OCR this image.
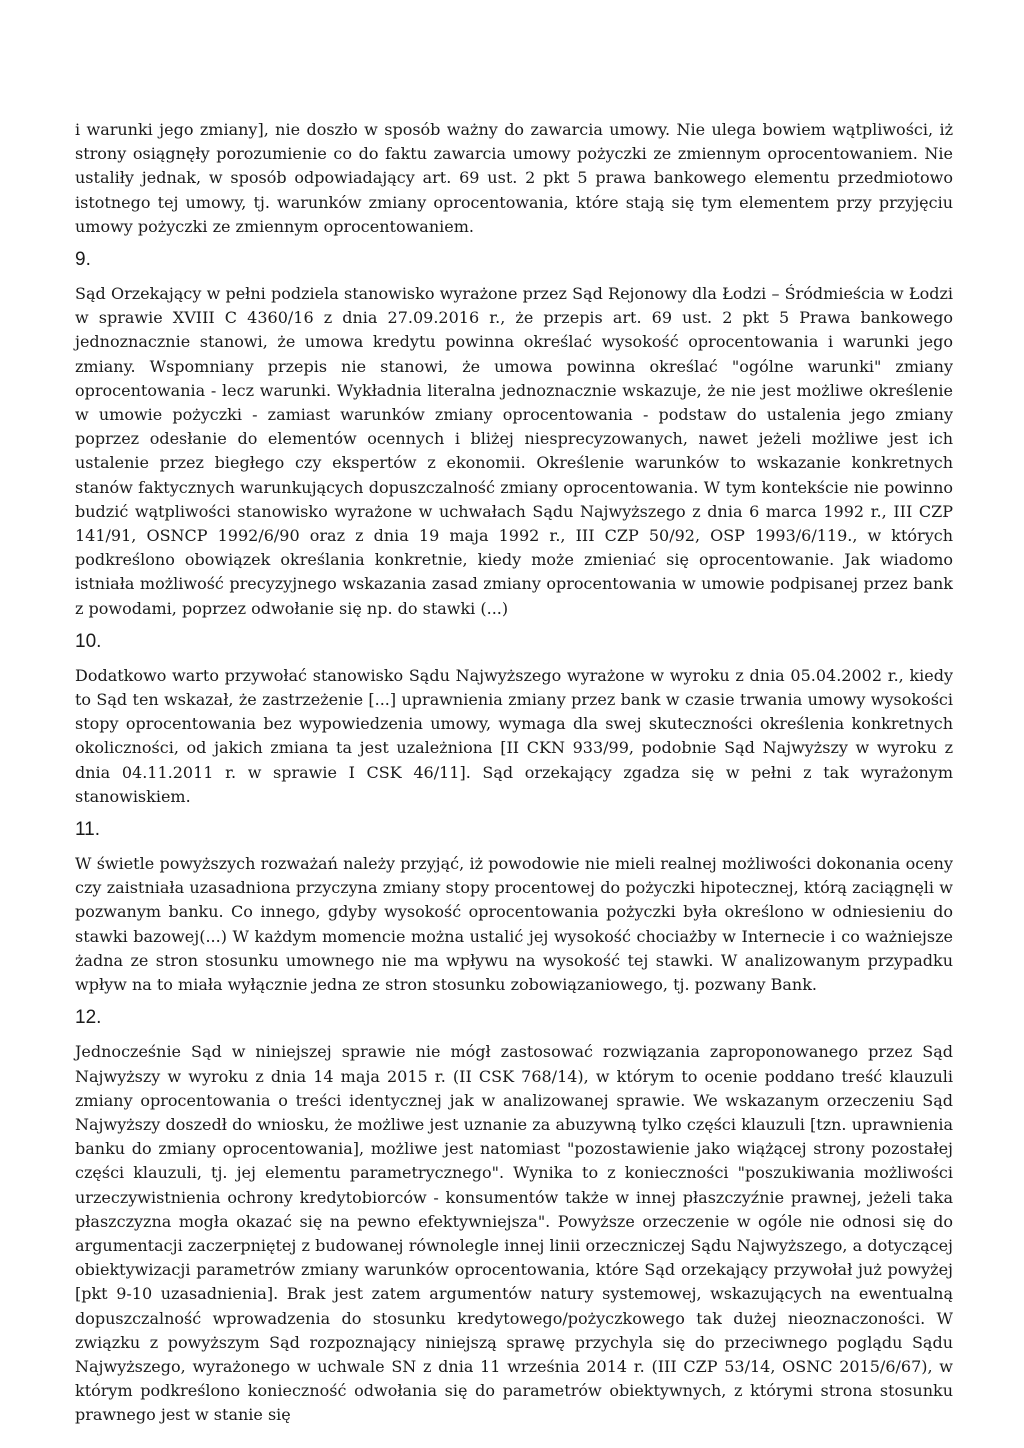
i warunki jego zmiany], nie doszło w sposób ważny do zawarcia umowy. Nie ulega bowiem wątpliwości, iż strony osiągnęły porozumienie co do faktu zawarcia umowy pożyczki ze zmiennym oprocentowaniem. Nie ustaliły jednak, w sposób odpowiadający art. 69 ust. 2 pkt 5 prawa bankowego elementu przedmiotowo istotnego tej umowy, tj. warunków zmiany oprocentowania, które stają się tym elementem przy przyjęciu umowy pożyczki ze zmiennym oprocentowaniem.

9.

Sąd Orzekający w pełni podziela stanowisko wyrażone przez Sąd Rejonowy dla Łodzi – Śródmieścia w Łodzi w sprawie XVIII C 4360/16 z dnia 27.09.2016 r., że przepis art. 69 ust. 2 pkt 5 Prawa bankowego jednoznacznie stanowi, że umowa kredytu powinna określać wysokość oprocentowania i warunki jego zmiany. Wspomniany przepis nie stanowi, że umowa powinna określać "ogólne warunki" zmiany oprocentowania - lecz warunki. Wykładnia literalna jednoznacznie wskazuje, że nie jest możliwe określenie w umowie pożyczki - zamiast warunków zmiany oprocentowania - podstaw do ustalenia jego zmiany poprzez odesłanie do elementów ocennych i bliżej niesprecyzowanych, nawet jeżeli możliwe jest ich ustalenie przez biegłego czy ekspertów z ekonomii. Określenie warunków to wskazanie konkretnych stanów faktycznych warunkujących dopuszczalność zmiany oprocentowania. W tym kontekście nie powinno budzić wątpliwości stanowisko wyrażone w uchwałach Sądu Najwyższego z dnia 6 marca 1992 r., III CZP 141/91, OSNCP 1992/6/90 oraz z dnia 19 maja 1992 r., III CZP 50/92, OSP 1993/6/119., w których podkreślono obowiązek określania konkretnie, kiedy może zmieniać się oprocentowanie. Jak wiadomo istniała możliwość precyzyjnego wskazania zasad zmiany oprocentowania w umowie podpisanej przez bank z powodami, poprzez odwołanie się np. do stawki (...)

10.

Dodatkowo warto przywołać stanowisko Sądu Najwyższego wyrażone w wyroku z dnia 05.04.2002 r., kiedy to Sąd ten wskazał, że zastrzeżenie [...] uprawnienia zmiany przez bank w czasie trwania umowy wysokości stopy oprocentowania bez wypowiedzenia umowy, wymaga dla swej skuteczności określenia konkretnych okoliczności, od jakich zmiana ta jest uzależniona [II CKN 933/99, podobnie Sąd Najwyższy w wyroku z dnia 04.11.2011 r. w sprawie I CSK 46/11]. Sąd orzekający zgadza się w pełni z tak wyrażonym stanowiskiem.

11.

W świetle powyższych rozważań należy przyjąć, iż powodowie nie mieli realnej możliwości dokonania oceny czy zaistniała uzasadniona przyczyna zmiany stopy procentowej do pożyczki hipotecznej, którą zaciągnęli w pozwanym banku. Co innego, gdyby wysokość oprocentowania pożyczki była określono w odniesieniu do stawki bazowej(...) W każdym momencie można ustalić jej wysokość chociażby w Internecie i co ważniejsze żadna ze stron stosunku umownego nie ma wpływu na wysokość tej stawki. W analizowanym przypadku wpływ na to miała wyłącznie jedna ze stron stosunku zobowiązaniowego, tj. pozwany Bank.

12.

Jednocześnie Sąd w niniejszej sprawie nie mógł zastosować rozwiązania zaproponowanego przez Sąd Najwyższy w wyroku z dnia 14 maja 2015 r. (II CSK 768/14), w którym to ocenie poddano treść klauzuli zmiany oprocentowania o treści identycznej jak w analizowanej sprawie. We wskazanym orzeczeniu Sąd Najwyższy doszedł do wniosku, że możliwe jest uznanie za abuzywną tylko części klauzuli [tzn. uprawnienia banku do zmiany oprocentowania], możliwe jest natomiast "pozostawienie jako wiążącej strony pozostałej części klauzuli, tj. jej elementu parametrycznego". Wynika to z konieczności "poszukiwania możliwości urzeczywistnienia ochrony kredytobiorców - konsumentów także w innej płaszczyźnie prawnej, jeżeli taka płaszczyzna mogła okazać się na pewno efektywniejsza". Powyższe orzeczenie w ogóle nie odnosi się do argumentacji zaczerpniętej z budowanej równolegle innej linii orzeczniczej Sądu Najwyższego, a dotyczącej obiektywizacji parametrów zmiany warunków oprocentowania, które Sąd orzekający przywołał już powyżej [pkt 9-10 uzasadnienia]. Brak jest zatem argumentów natury systemowej, wskazujących na ewentualną dopuszczalność wprowadzenia do stosunku kredytowego/pożyczkowego tak dużej nieoznaczoności. W związku z powyższym Sąd rozpoznający niniejszą sprawę przychyla się do przeciwnego poglądu Sądu Najwyższego, wyrażonego w uchwale SN z dnia 11 września 2014 r. (III CZP 53/14, OSNC 2015/6/67), w którym podkreślono konieczność odwołania się do parametrów obiektywnych, z którymi strona stosunku prawnego jest w stanie się
